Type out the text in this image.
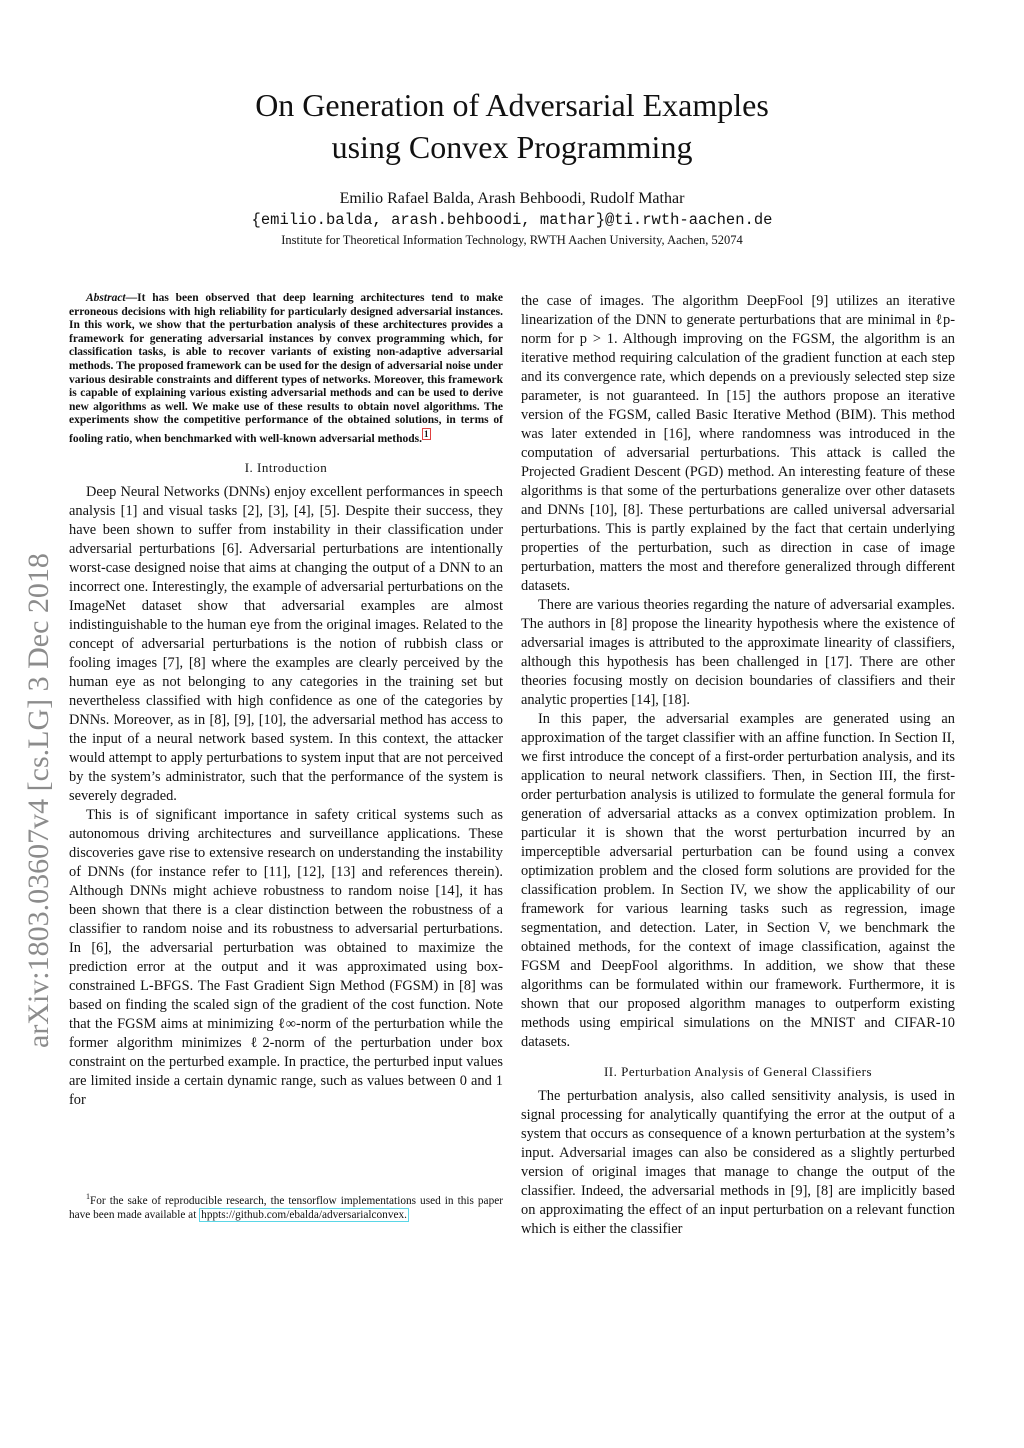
arXiv:1803.03607v4 [cs.LG] 3 Dec 2018
On Generation of Adversarial Examples
using Convex Programming
Emilio Rafael Balda, Arash Behboodi, Rudolf Mathar
{emilio.balda, arash.behboodi, mathar}@ti.rwth-aachen.de
Institute for Theoretical Information Technology, RWTH Aachen University, Aachen, 52074

Abstract—It has been observed that deep learning architectures tend to make erroneous decisions with high reliability for particularly designed adversarial instances. In this work, we show that the perturbation analysis of these architectures provides a framework for generating adversarial instances by convex programming which, for classification tasks, is able to recover variants of existing non-adaptive adversarial methods. The proposed framework can be used for the design of adversarial noise under various desirable constraints and different types of networks. Moreover, this framework is capable of explaining various existing adversarial methods and can be used to derive new algorithms as well. We make use of these results to obtain novel algorithms. The experiments show the competitive performance of the obtained solutions, in terms of fooling ratio, when benchmarked with well-known adversarial methods. $^1$

I. Introduction

Deep Neural Networks (DNNs) enjoy excellent performances in speech analysis [1] and visual tasks [2], [3], [4], [5]. Despite their success, they have been shown to suffer from instability in their classification under adversarial perturbations [6]. Adversarial perturbations are intentionally worst-case designed noise that aims at changing the output of a DNN to an incorrect one. Interestingly, the example of adversarial perturbations on the ImageNet dataset show that adversarial examples are almost indistinguishable to the human eye from the original images. Related to the concept of adversarial perturbations is the notion of rubbish class or fooling images [7], [8] where the examples are clearly perceived by the human eye as not belonging to any categories in the training set but nevertheless classified with high confidence as one of the categories by DNNs. Moreover, as in [8], [9], [10], the adversarial method has access to the input of a neural network based system. In this context, the attacker would attempt to apply perturbations to system input that are not perceived by the system’s administrator, such that the performance of the system is severely degraded.

This is of significant importance in safety critical systems such as autonomous driving architectures and surveillance applications. These discoveries gave rise to extensive research on understanding the instability of DNNs (for instance refer to [11], [12], [13] and references therein). Although DNNs might achieve robustness to random noise [14], it has been shown that there is a clear distinction between the robustness of a classifier to random noise and its robustness to adversarial perturbations. In [6], the adversarial perturbation was obtained to maximize the prediction error at the output and it was approximated using box-constrained L-BFGS. The Fast Gradient Sign Method (FGSM) in [8] was based on finding the scaled sign of the gradient of the cost function. Note that the FGSM aims at minimizing ℓ∞-norm of the perturbation while the former algorithm minimizes ℓ2-norm of the perturbation under box constraint on the perturbed example. In practice, the perturbed input values are limited inside a certain dynamic range, such as values between 0 and 1 for

$^1$For the sake of reproducible research, the tensorflow implementations used in this paper have been made available at hppts://github.com/ebalda/adversarialconvex.

the case of images. The algorithm DeepFool [9] utilizes an iterative linearization of the DNN to generate perturbations that are minimal in ℓp-norm for p > 1. Although improving on the FGSM, the algorithm is an iterative method requiring calculation of the gradient function at each step and its convergence rate, which depends on a previously selected step size parameter, is not guaranteed. In [15] the authors propose an iterative version of the FGSM, called Basic Iterative Method (BIM). This method was later extended in [16], where randomness was introduced in the computation of adversarial perturbations. This attack is called the Projected Gradient Descent (PGD) method. An interesting feature of these algorithms is that some of the perturbations generalize over other datasets and DNNs [10], [8]. These perturbations are called universal adversarial perturbations. This is partly explained by the fact that certain underlying properties of the perturbation, such as direction in case of image perturbation, matters the most and therefore generalized through different datasets.

There are various theories regarding the nature of adversarial examples. The authors in [8] propose the linearity hypothesis where the existence of adversarial images is attributed to the approximate linearity of classifiers, although this hypothesis has been challenged in [17]. There are other theories focusing mostly on decision boundaries of classifiers and their analytic properties [14], [18].

In this paper, the adversarial examples are generated using an approximation of the target classifier with an affine function. In Section II, we first introduce the concept of a first-order perturbation analysis, and its application to neural network classifiers. Then, in Section III, the first-order perturbation analysis is utilized to formulate the general formula for generation of adversarial attacks as a convex optimization problem. In particular it is shown that the worst perturbation incurred by an imperceptible adversarial perturbation can be found using a convex optimization problem and the closed form solutions are provided for the classification problem. In Section IV, we show the applicability of our framework for various learning tasks such as regression, image segmentation, and detection. Later, in Section V, we benchmark the obtained methods, for the context of image classification, against the FGSM and DeepFool algorithms. In addition, we show that these algorithms can be formulated within our framework. Furthermore, it is shown that our proposed algorithm manages to outperform existing methods using empirical simulations on the MNIST and CIFAR-10 datasets.

II. Perturbation Analysis of General Classifiers

The perturbation analysis, also called sensitivity analysis, is used in signal processing for analytically quantifying the error at the output of a system that occurs as consequence of a known perturbation at the system’s input. Adversarial images can also be considered as a slightly perturbed version of original images that manage to change the output of the classifier. Indeed, the adversarial methods in [9], [8] are implicitly based on approximating the effect of an input perturbation on a relevant function which is either the classifier
